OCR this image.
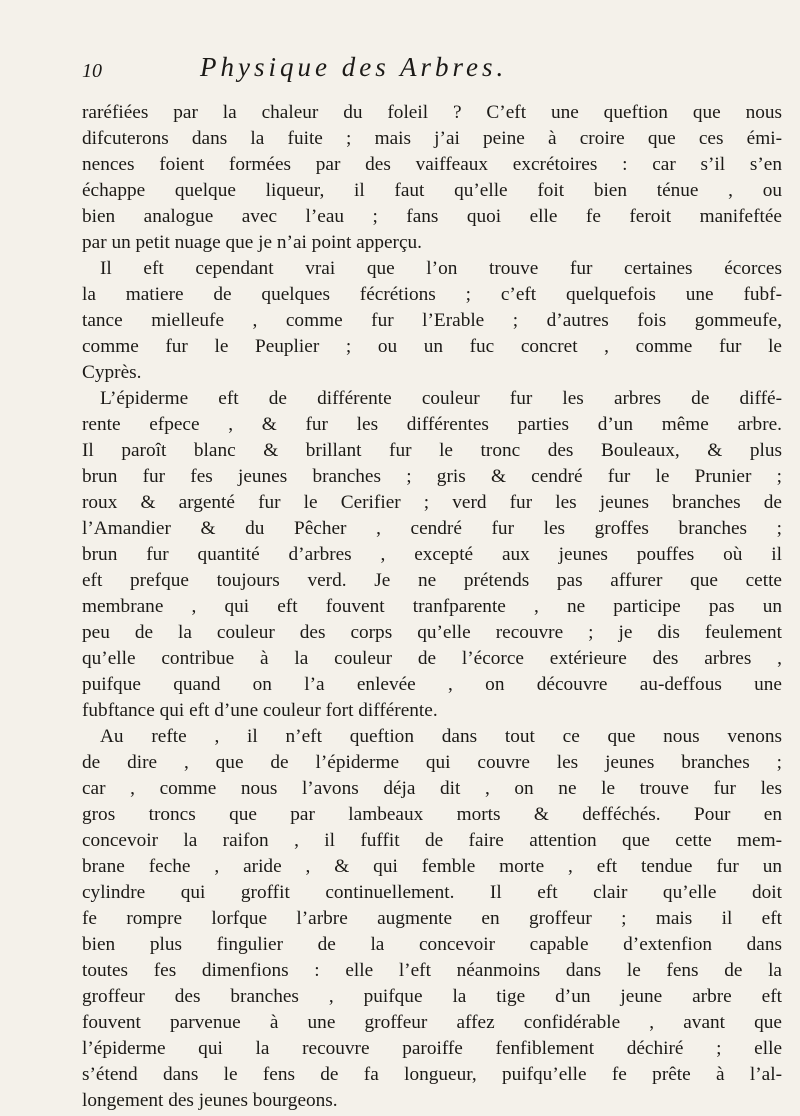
10	Physique des Arbres.
raréfiées par la chaleur du foleil ? C’eft une queftion que nous
difcuterons dans la fuite ; mais j’ai peine à croire que ces émi-
nences foient formées par des vaiffeaux excrétoires : car s’il s’en
échappe quelque liqueur, il faut qu’elle foit bien ténue , ou
bien analogue avec l’eau ; fans quoi elle fe feroit manifeftée
par un petit nuage que je n’ai point apperçu.
Il eft cependant vrai que l’on trouve fur certaines écorces
la matiere de quelques fécrétions ; c’eft quelquefois une fubf-
tance mielleufe , comme fur l’Erable ; d’autres fois gommeufe,
comme fur le Peuplier ; ou un fuc concret , comme fur le
Cyprès.
L’épiderme eft de différente couleur fur les arbres de diffé-
rente efpece , & fur les différentes parties d’un même arbre.
Il paroît blanc & brillant fur le tronc des Bouleaux, & plus
brun fur fes jeunes branches ; gris & cendré fur le Prunier ;
roux & argenté fur le Cerifier ; verd fur les jeunes branches de
l’Amandier & du Pêcher , cendré fur les groffes branches ;
brun fur quantité d’arbres , excepté aux jeunes pouffes où il
eft prefque toujours verd. Je ne prétends pas affurer que cette
membrane , qui eft fouvent tranfparente , ne participe pas un
peu de la couleur des corps qu’elle recouvre ; je dis feulement
qu’elle contribue à la couleur de l’écorce extérieure des arbres ,
puifque quand on l’a enlevée , on découvre au-deffous une
fubftance qui eft d’une couleur fort différente.
Au refte , il n’eft queftion dans tout ce que nous venons
de dire , que de l’épiderme qui couvre les jeunes branches ;
car , comme nous l’avons déja dit , on ne le trouve fur les
gros troncs que par lambeaux morts & defféchés. Pour en
concevoir la raifon , il fuffit de faire attention que cette mem-
brane feche , aride , & qui femble morte , eft tendue fur un
cylindre qui groffit continuellement. Il eft clair qu’elle doit
fe rompre lorfque l’arbre augmente en groffeur ; mais il eft
bien plus fingulier de la concevoir capable d’extenfion dans
toutes fes dimenfions : elle l’eft néanmoins dans le fens de la
groffeur des branches , puifque la tige d’un jeune arbre eft
fouvent parvenue à une groffeur affez confidérable , avant que
l’épiderme qui la recouvre paroiffe fenfiblement déchiré ; elle
s’étend dans le fens de fa longueur, puifqu’elle fe prête à l’al-
longement des jeunes bourgeons.
